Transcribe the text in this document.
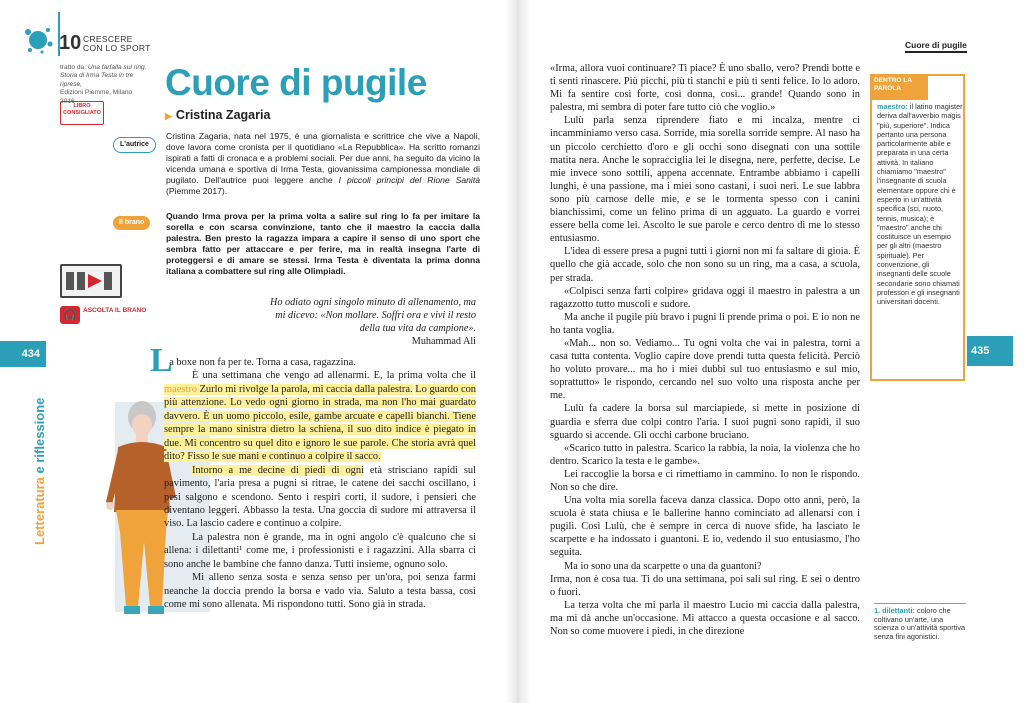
10 CRESCERE CON LO SPORT
tratto da: Una farfalla sul ring. Storia di Irma Testa in tre riprese,
Edizioni Piemme, Milano 2016
LIBRO CONSIGLIATO
Cuore di pugile
▶ Cristina Zagaria
L'autrice
Cristina Zagaria, nata nel 1975, è una giornalista e scrittrice che vive a Napoli, dove lavora come cronista per il quotidiano «La Repubblica». Ha scritto romanzi ispirati a fatti di cronaca e a problemi sociali. Per due anni, ha seguito da vicino la vicenda umana e sportiva di Irma Testa, giovanissima campionessa mondiale di pugilato. Dell'autrice puoi leggere anche I piccoli principi del Rione Sanità (Piemme 2017).
Il brano
Quando Irma prova per la prima volta a salire sul ring lo fa per imitare la sorella e con scarsa convinzione, tanto che il maestro la caccia dalla palestra. Ben presto la ragazza impara a capire il senso di uno sport che sembra fatto per attaccare e per ferire, ma in realtà insegna l'arte di proteggersi e di amare se stessi. Irma Testa è diventata la prima donna italiana a combattere sul ring alle Olimpiadi.
🎧 ASCOLTA IL BRANO
Ho odiato ogni singolo minuto di allenamento, ma mi dicevo: «Non mollare. Soffri ora e vivi il resto della tua vita da campione».
Muhammad Ali
434	435
Letteratura e riflessione
L

a boxe non fa per te. Torna a casa, ragazzina.

È una settimana che vengo ad allenarmi. E, la prima volta che il maestro Zurlo mi rivolge la parola, mi caccia dalla palestra. Lo guardo con più attenzione. Lo vedo ogni giorno in strada, ma non l'ho mai guardato davvero. È un uomo piccolo, esile, gambe arcuate e capelli bianchi. Tiene sempre la mano sinistra dietro la schiena, il suo dito indice è piegato in due. Mi concentro su quel dito e ignoro le sue parole. Che storia avrà quel dito? Fisso le sue mani e continuo a colpire il sacco.

Intorno a me decine di piedi di ogni età strisciano rapidi sul pavimento, l'aria presa a pugni si ritrae, le catene dei sacchi oscillano, i pesi salgono e scendono. Sento i respiri corti, il sudore, i pensieri che diventano leggeri. Abbasso la testa. Una goccia di sudore mi attraversa il viso. La lascio cadere e continuo a colpire.

La palestra non è grande, ma in ogni angolo c'è qualcuno che si allena: i dilettanti¹ come me, i professionisti e i ragazzini. Alla sbarra ci sono anche le bambine che fanno danza. Tutti insieme, ognuno solo.

Mi alleno senza sosta e senza senso per un'ora, poi senza farmi neanche la doccia prendo la borsa e vado via. Saluto a testa bassa, così come mi sono allenata. Mi rispondono tutti. Sono già in strada.

Cuore di pugile

«Irma, allora vuoi continuare? Ti piace? È uno sballo, vero? Prendi botte e ti senti rinascere. Più picchi, più ti stanchi e più ti senti felice. Io lo adoro. Mi fa sentire così forte, così donna, così... grande! Quando sono in palestra, mi sembra di poter fare tutto ciò che voglio.»

Lulù parla senza riprendere fiato e mi incalza, mentre ci incamminiamo verso casa. Sorride, mia sorella sorride sempre. Al naso ha un piccolo cerchietto d'oro e gli occhi sono disegnati con una sottile matita nera. Anche le sopracciglia lei le disegna, nere, perfette, decise. Le mie invece sono sottili, appena accennate. Entrambe abbiamo i capelli lunghi, è una passione, ma i miei sono castani, i suoi neri. Le sue labbra sono più carnose delle mie, e se le tormenta spesso con i canini bianchissimi, come un felino prima di un agguato. La guardo e vorrei essere bella come lei. Ascolto le sue parole e cerco dentro di me lo stesso entusiasmo.

L'idea di essere presa a pugni tutti i giorni non mi fa saltare di gioia. È quello che già accade, solo che non sono su un ring, ma a casa, a scuola, per strada.

«Colpisci senza farti colpire» gridava oggi il maestro in palestra a un ragazzotto tutto muscoli e sudore.

Ma anche il pugile più bravo i pugni li prende prima o poi. E io non ne ho tanta voglia.

«Mah... non so. Vediamo... Tu ogni volta che vai in palestra, torni a casa tutta contenta. Voglio capire dove prendi tutta questa felicità. Perciò ho voluto provare... ma ho i miei dubbi sul tuo entusiasmo e sul mio, soprattutto» le rispondo, cercando nel suo volto una risposta anche per me.

Lulù fa cadere la borsa sul marciapiede, si mette in posizione di guardia e sferra due colpi contro l'aria. I suoi pugni sono rapidi, il suo sguardo si accende. Gli occhi carbone bruciano.

«Scarico tutto in palestra. Scarico la rabbia, la noia, la violenza che ho dentro. Scarico la testa e le gambe».

Lei raccoglie la borsa e ci rimettiamo in cammino. Io non le rispondo. Non so che dire.

Una volta mia sorella faceva danza classica. Dopo otto anni, però, la scuola è stata chiusa e le ballerine hanno cominciato ad allenarsi con i pugili. Così Lulù, che è sempre in cerca di nuove sfide, ha lasciato le scarpette e ha indossato i guantoni. E io, vedendo il suo entusiasmo, l'ho seguita.

Ma io sono una da scarpette o una da guantoni?

Irma, non è cosa tua. Ti do una settimana, poi sali sul ring. E sei o dentro o fuori.

La terza volta che mi parla il maestro Lucio mi caccia dalla palestra, ma mi dà anche un'occasione. Mi attacco a questa occasione e al sacco. Non so come muovere i piedi, in che direzione

DENTRO LA PAROLA
maestro: il latino magister deriva dall'avverbio magis "più, superiore". Indica pertanto una persona particolarmente abile e preparata in una certa attività. In italiano chiamiamo "maestro" l'insegnante di scuola elementare oppure chi è esperto in un'attività specifica (sci, nuoto, tennis, musica); è "maestro" anche chi costituisce un esempio per gli altri (maestro spirituale). Per convenzione, gli insegnanti delle scuole secondarie sono chiamati professori e gli insegnanti universitari docenti.
1. dilettanti: coloro che coltivano un'arte, una scienza o un'attività sportiva senza fini agonistici.
